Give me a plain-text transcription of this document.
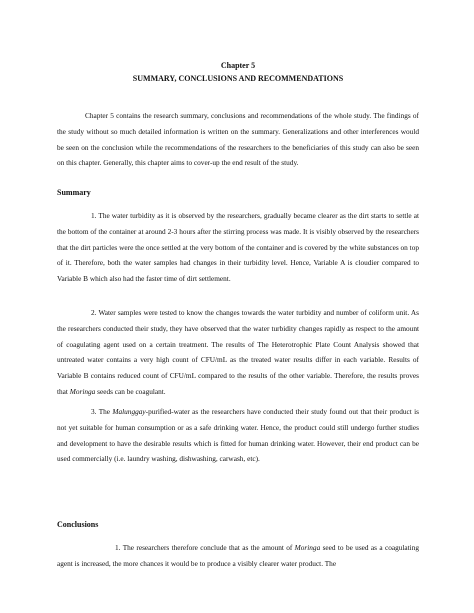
Chapter 5

SUMMARY, CONCLUSIONS AND RECOMMENDATIONS

Chapter 5 contains the research summary, conclusions and recommendations of the whole study. The findings of the study without so much detailed information is written on the summary. Generalizations and other interferences would be seen on the conclusion while the recommendations of the researchers to the beneficiaries of this study can also be seen on this chapter. Generally, this chapter aims to cover-up the end result of the study.

Summary

1. The water turbidity as it is observed by the researchers, gradually became clearer as the dirt starts to settle at the bottom of the container at around 2-3 hours after the stirring process was made. It is visibly observed by the researchers that the dirt particles were the once settled at the very bottom of the container and is covered by the white substances on top of it. Therefore, both the water samples had changes in their turbidity level. Hence, Variable A is cloudier compared to Variable B which also had the faster time of dirt settlement.

2. Water samples were tested to know the changes towards the water turbidity and number of coliform unit. As the researchers conducted their study, they have observed that the water turbidity changes rapidly as respect to the amount of coagulating agent used on a certain treatment. The results of The Heterotrophic Plate Count Analysis showed that untreated water contains a very high count of CFU/mL as the treated water results differ in each variable. Results of Variable B contains reduced count of CFU/mL compared to the results of the other variable. Therefore, the results proves that Moringa seeds can be coagulant.

3. The Malunggay-purified-water as the researchers have conducted their study found out that their product is not yet suitable for human consumption or as a safe drinking water. Hence, the product could still undergo further studies and development to have the desirable results which is fitted for human drinking water. However, their end product can be used commercially (i.e. laundry washing, dishwashing, carwash, etc).

Conclusions

1. The researchers therefore conclude that as the amount of Moringa seed to be used as a coagulating agent is increased, the more chances it would be to produce a visibly clearer water product. The
